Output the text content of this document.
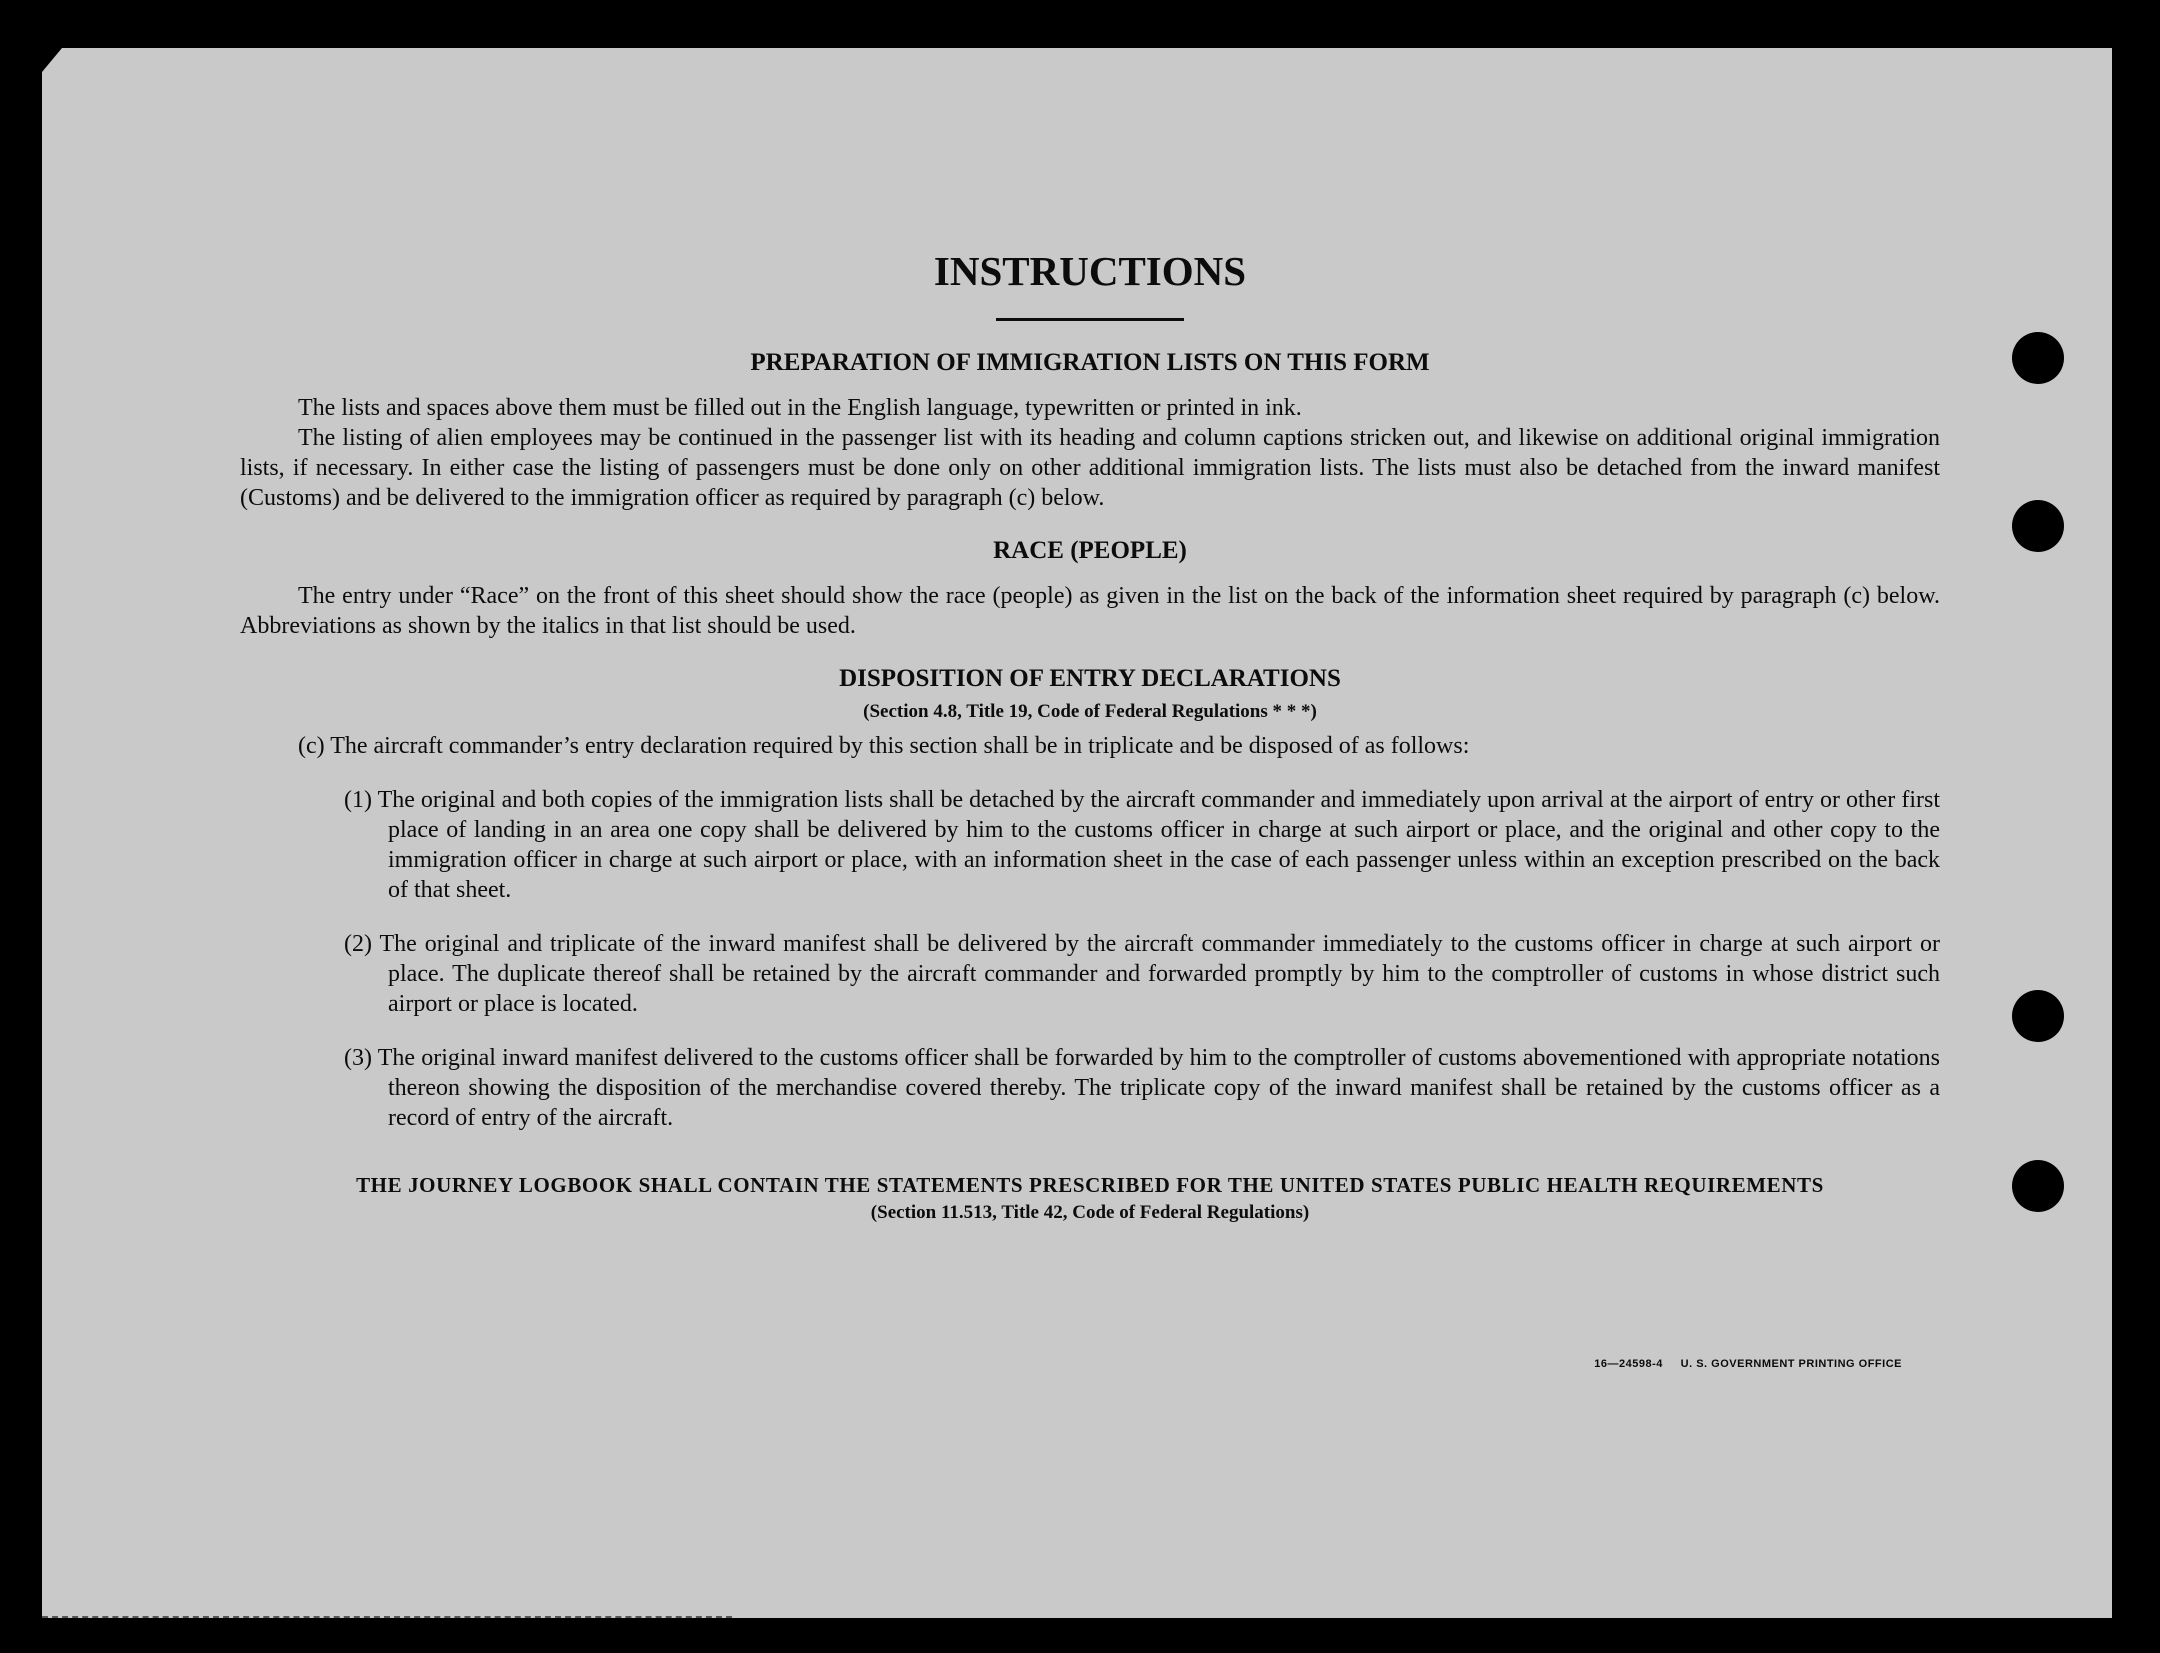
INSTRUCTIONS
PREPARATION OF IMMIGRATION LISTS ON THIS FORM

The lists and spaces above them must be filled out in the English language, typewritten or printed in ink.

The listing of alien employees may be continued in the passenger list with its heading and column captions stricken out, and likewise on additional original immigration lists, if necessary. In either case the listing of passengers must be done only on other additional immigration lists. The lists must also be detached from the inward manifest (Customs) and be delivered to the immigration officer as required by paragraph (c) below.

RACE (PEOPLE)

The entry under “Race” on the front of this sheet should show the race (people) as given in the list on the back of the information sheet required by paragraph (c) below. Abbreviations as shown by the italics in that list should be used.

DISPOSITION OF ENTRY DECLARATIONS
(Section 4.8, Title 19, Code of Federal Regulations * * *)

(c) The aircraft commander’s entry declaration required by this section shall be in triplicate and be disposed of as follows:

(1) The original and both copies of the immigration lists shall be detached by the aircraft commander and immediately upon arrival at the airport of entry or other first place of landing in an area one copy shall be delivered by him to the customs officer in charge at such airport or place, and the original and other copy to the immigration officer in charge at such airport or place, with an information sheet in the case of each passenger unless within an exception prescribed on the back of that sheet.

(2) The original and triplicate of the inward manifest shall be delivered by the aircraft commander immediately to the customs officer in charge at such airport or place. The duplicate thereof shall be retained by the aircraft commander and forwarded promptly by him to the comptroller of customs in whose district such airport or place is located.

(3) The original inward manifest delivered to the customs officer shall be forwarded by him to the comptroller of customs abovementioned with appropriate notations thereon showing the disposition of the merchandise covered thereby. The triplicate copy of the inward manifest shall be retained by the customs officer as a record of entry of the aircraft.

THE JOURNEY LOGBOOK SHALL CONTAIN THE STATEMENTS PRESCRIBED FOR THE UNITED STATES PUBLIC HEALTH REQUIREMENTS
(Section 11.513, Title 42, Code of Federal Regulations)
16—24598-4     U. S. GOVERNMENT PRINTING OFFICE
